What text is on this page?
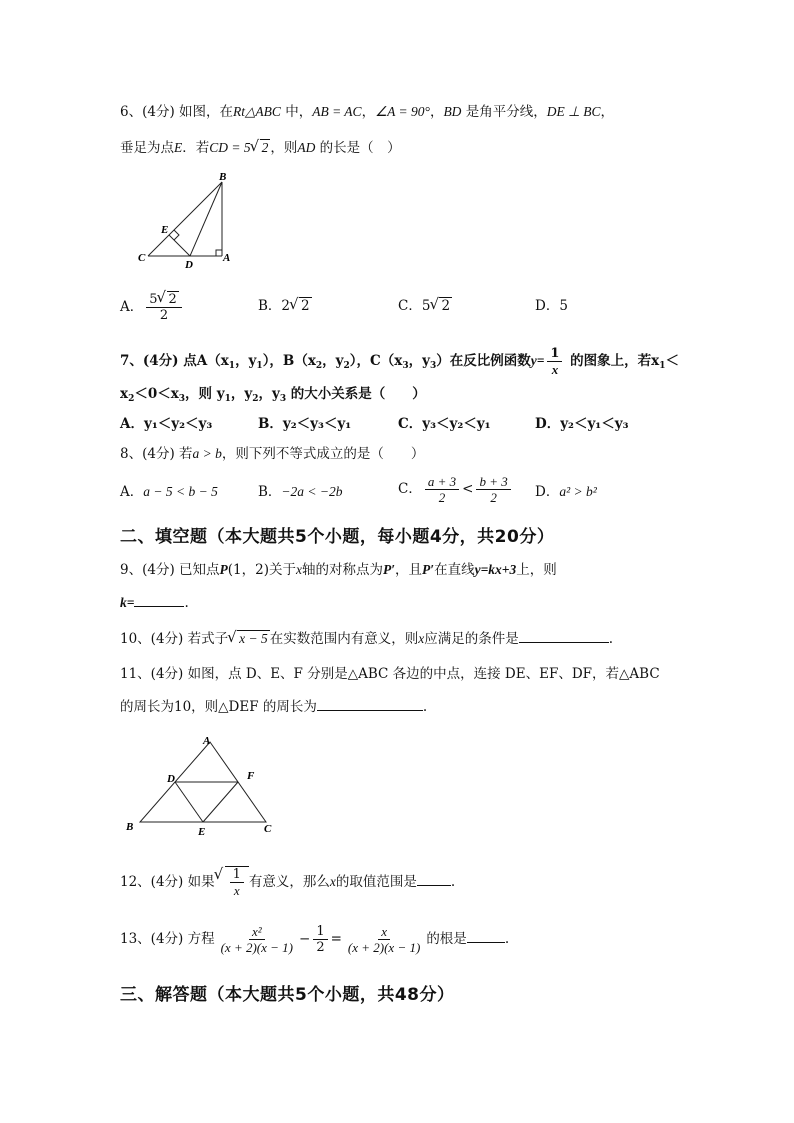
6、(4分) 如图，在Rt△ABC 中，AB = AC，∠A = 90°，BD 是角平分线，DE ⊥ BC，
垂足为点E．若CD = 5 √ 2 ，则AD 的长是（　）
B
E
C
D
A
A． $\frac{5 √ 2}{2}$	B．2 √ 2	C．5 √ 2	D．5
7、(4分) 点$A(x_1$，$y_1$），$B(x_2$，$y_2$），$C(x_3$，$y_3$）在反比例函数$y= \frac{1}{x}$ 的图象上，若$x_1<$
$x_2<0<x_3$，则 $y_1$，$y_2$，$y_3$ 的大小关系是（　　）
A．y₁＜y₂＜y₃	B．y₂＜y₃＜y₁	C．y₃＜y₂＜y₁	D．y₂＜y₁＜y₃
8、(4分) 若a > b，则下列不等式成立的是（　　）
A．a − 5 < b − 5	B．−2a < −2b	C． $\frac{a + 3}{2} < \frac{b + 3}{2}$ D．a² > b²
二、填空题（本大题共5个小题，每小题4分，共20分）
9、(4分) 已知点P(1，2)关于x轴的对称点为P′，且P′在直线y=kx+3上，则
k=	.
10、(4分) 若式子 √ x − 5 在实数范围内有意义，则x应满足的条件是	.
11、(4分) 如图，点 D、E、F 分别是△ABC 各边的中点，连接 DE、EF、DF，若△ABC
的周长为10，则△DEF 的周长为	.
A
D	F
B	E	C
12、(4分) 如果 √ $\frac{1}{x}$ 有意义，那么x的取值范围是	.
13、(4分) 方程 $\frac{\text{x²}}{(x + 2)(x - 1)} - \frac{1}{2} = \frac{x}{(x + 2)(x - 1)}$ 的根是	.
三、解答题（本大题共5个小题，共48分）
